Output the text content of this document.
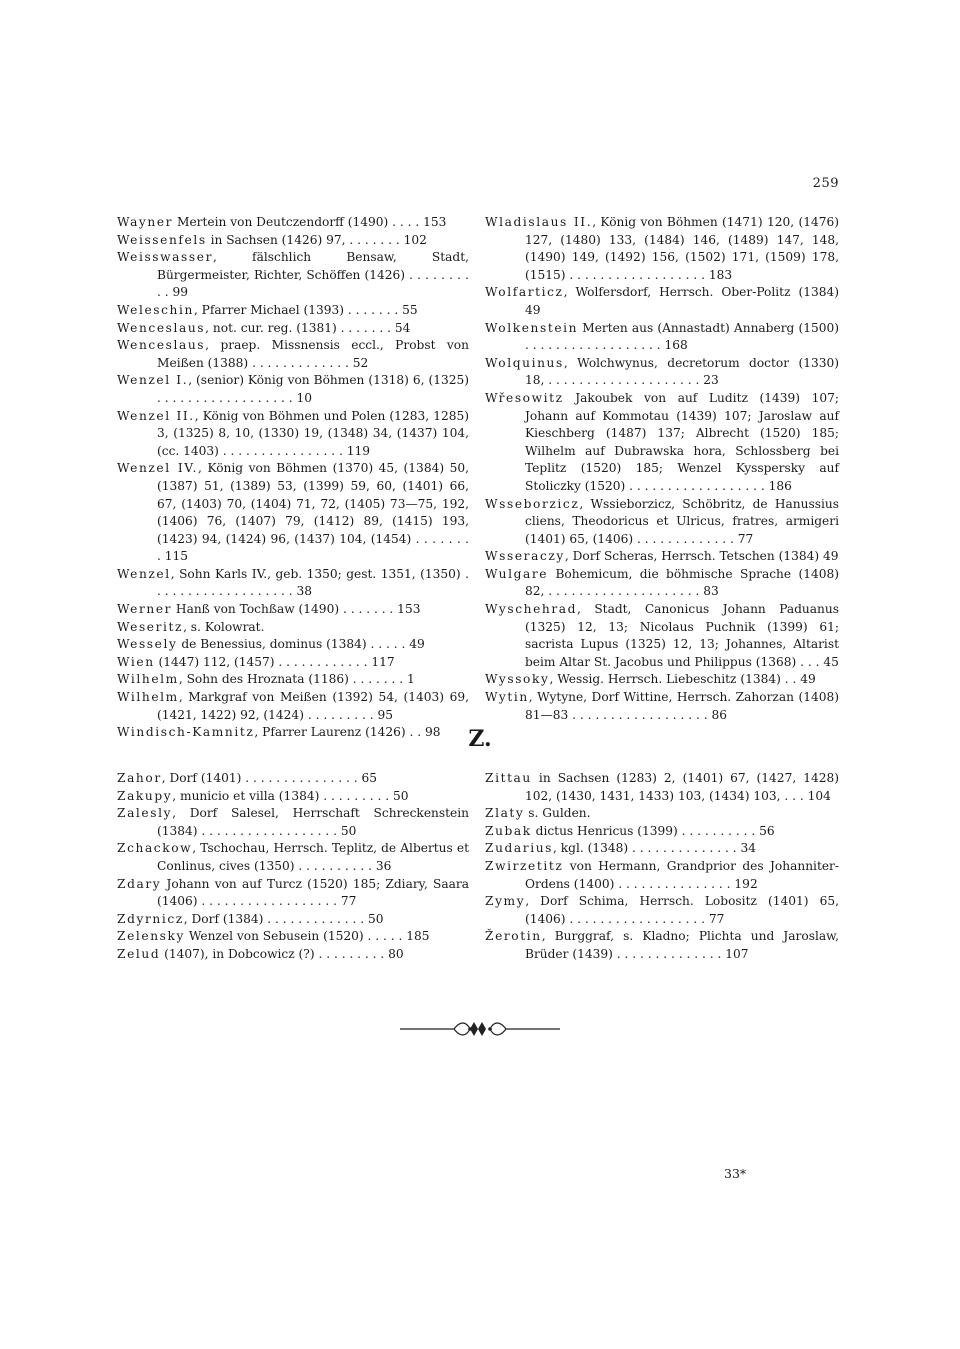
259

Wayner Mertein von Deutczendorff (1490) . . . . 153

Weissenfels in Sachsen (1426) 97, . . . . . . . 102

Weisswasser, fälschlich Bensaw, Stadt, Bürgermeister, Richter, Schöffen (1426) . . . . . . . . . . 99

Weleschin, Pfarrer Michael (1393) . . . . . . . 55

Wenceslaus, not. cur. reg. (1381) . . . . . . . 54

Wenceslaus, praep. Missnensis eccl., Probst von Meißen (1388) . . . . . . . . . . . . . 52

Wenzel I., (senior) König von Böhmen (1318) 6, (1325) . . . . . . . . . . . . . . . . . . 10

Wenzel II., König von Böhmen und Polen (1283, 1285) 3, (1325) 8, 10, (1330) 19, (1348) 34, (1437) 104, (cc. 1403) . . . . . . . . . . . . . . . . 119

Wenzel IV., König von Böhmen (1370) 45, (1384) 50, (1387) 51, (1389) 53, (1399) 59, 60, (1401) 66, 67, (1403) 70, (1404) 71, 72, (1405) 73—75, 192, (1406) 76, (1407) 79, (1412) 89, (1415) 193, (1423) 94, (1424) 96, (1437) 104, (1454) . . . . . . . . 115

Wenzel, Sohn Karls IV., geb. 1350; gest. 1351, (1350) . . . . . . . . . . . . . . . . . . . 38

Werner Hanß von Tochßaw (1490) . . . . . . . 153

Weseritz, s. Kolowrat.

Wessely de Benessius, dominus (1384) . . . . . 49

Wien (1447) 112, (1457) . . . . . . . . . . . . 117

Wilhelm, Sohn des Hroznata (1186) . . . . . . . 1

Wilhelm, Markgraf von Meißen (1392) 54, (1403) 69, (1421, 1422) 92, (1424) . . . . . . . . . 95

Windisch-Kamnitz, Pfarrer Laurenz (1426) . . 98

Wladislaus II., König von Böhmen (1471) 120, (1476) 127, (1480) 133, (1484) 146, (1489) 147, 148, (1490) 149, (1492) 156, (1502) 171, (1509) 178, (1515) . . . . . . . . . . . . . . . . . . 183

Wolfarticz, Wolfersdorf, Herrsch. Ober-Politz (1384) 49

Wolkenstein Merten aus (Annastadt) Annaberg (1500) . . . . . . . . . . . . . . . . . . 168

Wolquinus, Wolchwynus, decretorum doctor (1330) 18, . . . . . . . . . . . . . . . . . . . . 23

Wřesowitz Jakoubek von auf Luditz (1439) 107; Johann auf Kommotau (1439) 107; Jaroslaw auf Kieschberg (1487) 137; Albrecht (1520) 185; Wilhelm auf Dubrawska hora, Schlossberg bei Teplitz (1520) 185; Wenzel Kysspersky auf Stoliczky (1520) . . . . . . . . . . . . . . . . . . 186

Wsseborzicz, Wssieborzicz, Schöbritz, de Hanussius cliens, Theodoricus et Ulricus, fratres, armigeri (1401) 65, (1406) . . . . . . . . . . . . . 77

Wsseraczy, Dorf Scheras, Herrsch. Tetschen (1384) 49

Wulgare Bohemicum, die böhmische Sprache (1408) 82, . . . . . . . . . . . . . . . . . . . . 83

Wyschehrad, Stadt, Canonicus Johann Paduanus (1325) 12, 13; Nicolaus Puchnik (1399) 61; sacrista Lupus (1325) 12, 13; Johannes, Altarist beim Altar St. Jacobus und Philippus (1368) . . . 45

Wyssoky, Wessig. Herrsch. Liebeschitz (1384) . . 49

Wytin, Wytyne, Dorf Wittine, Herrsch. Zahorzan (1408) 81—83 . . . . . . . . . . . . . . . . . . 86

Z.

Zahor, Dorf (1401) . . . . . . . . . . . . . . . 65

Zakupy, municio et villa (1384) . . . . . . . . . 50

Zalesly, Dorf Salesel, Herrschaft Schreckenstein (1384) . . . . . . . . . . . . . . . . . . 50

Zchackow, Tschochau, Herrsch. Teplitz, de Albertus et Conlinus, cives (1350) . . . . . . . . . . 36

Zdary Johann von auf Turcz (1520) 185; Zdiary, Saara (1406) . . . . . . . . . . . . . . . . . . 77

Zdyrnicz, Dorf (1384) . . . . . . . . . . . . . 50

Zelensky Wenzel von Sebusein (1520) . . . . . 185

Zelud (1407), in Dobcowicz (?) . . . . . . . . . 80

Zittau in Sachsen (1283) 2, (1401) 67, (1427, 1428) 102, (1430, 1431, 1433) 103, (1434) 103, . . . 104

Zlaty s. Gulden.

Zubak dictus Henricus (1399) . . . . . . . . . . 56

Zudarius, kgl. (1348) . . . . . . . . . . . . . . 34

Zwirzetitz von Hermann, Grandprior des Johanniter-Ordens (1400) . . . . . . . . . . . . . . . 192

Zymy, Dorf Schima, Herrsch. Lobositz (1401) 65, (1406) . . . . . . . . . . . . . . . . . . 77

Žerotin, Burggraf, s. Kladno; Plichta und Jaroslaw, Brüder (1439) . . . . . . . . . . . . . . 107

33*
